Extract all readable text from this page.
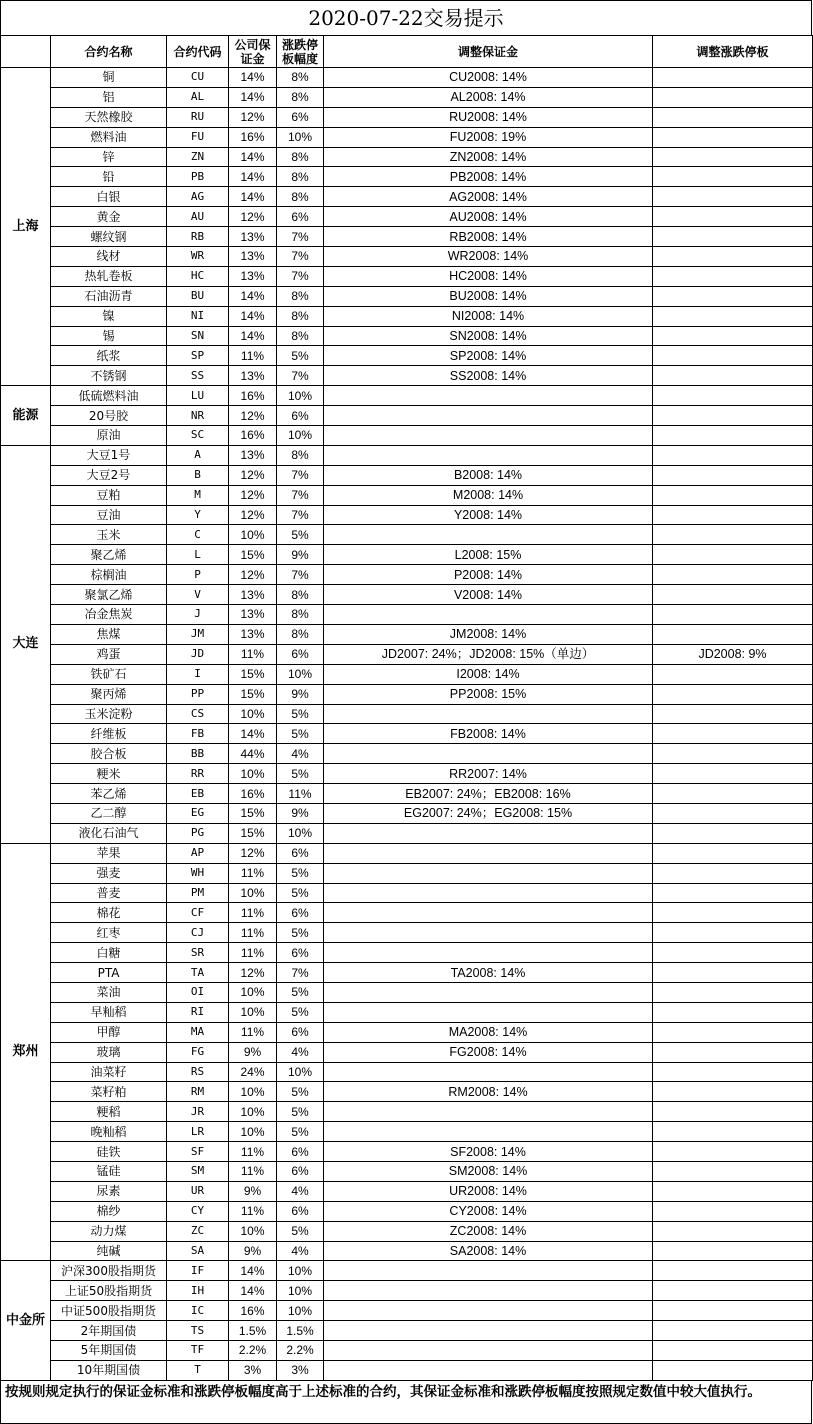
2020-07-22交易提示
	合约名称	合约代码	公司保证金	涨跌停板幅度	调整保证金	调整涨跌停板
上海	铜	CU	14%	8%	CU2008: 14%	
	铝	AL	14%	8%	AL2008: 14%	
	天然橡胶	RU	12%	6%	RU2008: 14%	
	燃料油	FU	16%	10%	FU2008: 19%	
	锌	ZN	14%	8%	ZN2008: 14%	
	铅	PB	14%	8%	PB2008: 14%	
	白银	AG	14%	8%	AG2008: 14%	
	黄金	AU	12%	6%	AU2008: 14%	
	螺纹钢	RB	13%	7%	RB2008: 14%	
	线材	WR	13%	7%	WR2008: 14%	
	热轧卷板	HC	13%	7%	HC2008: 14%	
	石油沥青	BU	14%	8%	BU2008: 14%	
	镍	NI	14%	8%	NI2008: 14%	
	锡	SN	14%	8%	SN2008: 14%	
	纸浆	SP	11%	5%	SP2008: 14%	
	不锈钢	SS	13%	7%	SS2008: 14%	
能源	低硫燃料油	LU	16%	10%		
	20号胶	NR	12%	6%		
	原油	SC	16%	10%		
大连	大豆1号	A	13%	8%		
	大豆2号	B	12%	7%	B2008: 14%	
	豆粕	M	12%	7%	M2008: 14%	
	豆油	Y	12%	7%	Y2008: 14%	
	玉米	C	10%	5%		
	聚乙烯	L	15%	9%	L2008: 15%	
	棕榈油	P	12%	7%	P2008: 14%	
	聚氯乙烯	V	13%	8%	V2008: 14%	
	冶金焦炭	J	13%	8%		
	焦煤	JM	13%	8%	JM2008: 14%	
	鸡蛋	JD	11%	6%	JD2007: 24%；JD2008: 15%（单边）	JD2008: 9%
	铁矿石	I	15%	10%	I2008: 14%	
	聚丙烯	PP	15%	9%	PP2008: 15%	
	玉米淀粉	CS	10%	5%		
	纤维板	FB	14%	5%	FB2008: 14%	
	胶合板	BB	44%	4%		
	粳米	RR	10%	5%	RR2007: 14%	
	苯乙烯	EB	16%	11%	EB2007: 24%；EB2008: 16%	
	乙二醇	EG	15%	9%	EG2007: 24%；EG2008: 15%	
	液化石油气	PG	15%	10%		
郑州	苹果	AP	12%	6%		
	强麦	WH	11%	5%		
	普麦	PM	10%	5%		
	棉花	CF	11%	6%		
	红枣	CJ	11%	5%		
	白糖	SR	11%	6%		
	PTA	TA	12%	7%	TA2008: 14%	
	菜油	OI	10%	5%		
	早籼稻	RI	10%	5%		
	甲醇	MA	11%	6%	MA2008: 14%	
	玻璃	FG	9%	4%	FG2008: 14%	
	油菜籽	RS	24%	10%		
	菜籽粕	RM	10%	5%	RM2008: 14%	
	粳稻	JR	10%	5%		
	晚籼稻	LR	10%	5%		
	硅铁	SF	11%	6%	SF2008: 14%	
	锰硅	SM	11%	6%	SM2008: 14%	
	尿素	UR	9%	4%	UR2008: 14%	
	棉纱	CY	11%	6%	CY2008: 14%	
	动力煤	ZC	10%	5%	ZC2008: 14%	
	纯碱	SA	9%	4%	SA2008: 14%	
中金所	沪深300股指期货	IF	14%	10%		
	上证50股指期货	IH	14%	10%		
	中证500股指期货	IC	16%	10%		
	2年期国债	TS	1.5%	1.5%		
	5年期国债	TF	2.2%	2.2%		
	10年期国债	T	3%	3%		
按规则规定执行的保证金标准和涨跌停板幅度高于上述标准的合约，其保证金标准和涨跌停板幅度按照规定数值中较大值执行。
